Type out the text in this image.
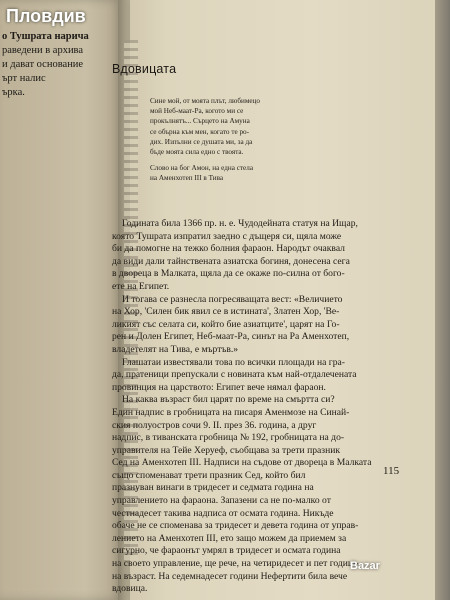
о Тушрата нарича
раведени в архива
и дават основание
ърт налис
ърка.
Вдовицата
Сине мой, от моята плът, любимецо
мой Неб-маат-Ра, когото ми се
прокълнятъ... Сърцето на Амуна
се обърна към мен, когато те ро-
дих. Изпълни се душата ми, за да
бъде моята сила едно с твоята.
Слово на бог Амон, на една стела
на Аменхотеп III в Тива
Годината била 1366 пр. н. е. Чудодейната статуя на Ищар,
която Тушрата изпратил заедно с дъщеря си, щяла може
би да помогне на тежко болния фараон. Народът очаквал
да види дали тайнствената азиатска богиня, донесена сега
в двореца в Малката, щяла да се окаже по-силна от бого-
ете на Египет.
И тогава се разнесла погресяващата вест: «Величието
на Хор, 'Силен бик явил се в истината', Златен Хор, 'Ве-
ликият със селата си, който бие азиатците', царят на Го-
рен и Долен Египет, Неб-маат-Ра, синът на Ра Аменхотеп,
владетелят на Тива, е мъртъв.»
Глашатаи известявали това по всички площади на гра-
да, пратеници препускали с новината към най-отдалечената
провинция на царството: Египет вече нямал фараон.
На каква възраст бил царят по време на смъртта си?
Един надпис в гробницата на писаря Аменмозе на Синай-
ския полуостров сочи 9. II. през 36. година, а друг
надпис, в тиванската гробница № 192, гробницата на до-
управителя на Тейе Херуеф, съобщава за трети празник
Сед на Аменхотеп III. Надписи на съдове от двореца в Малката
също споменават трети празник Сед, който бил
празнуван винаги в тридесет и седмата година на
управлението на фараона. Запазени са не по-малко от
честнадесет такива надписа от осмата година. Никъде
обаче не се споменава за тридесет и девета година от управ-
лението на Аменхотеп III, ето защо можем да приемем за
сигурно, че фараонът умрял в тридесет и осмата година
на своето управление, ще рече, на четиридесет и пет годиш-
на възраст. На седемнадесет години Нефертити била вече
вдовица.
115
Пловдив
Bazar
